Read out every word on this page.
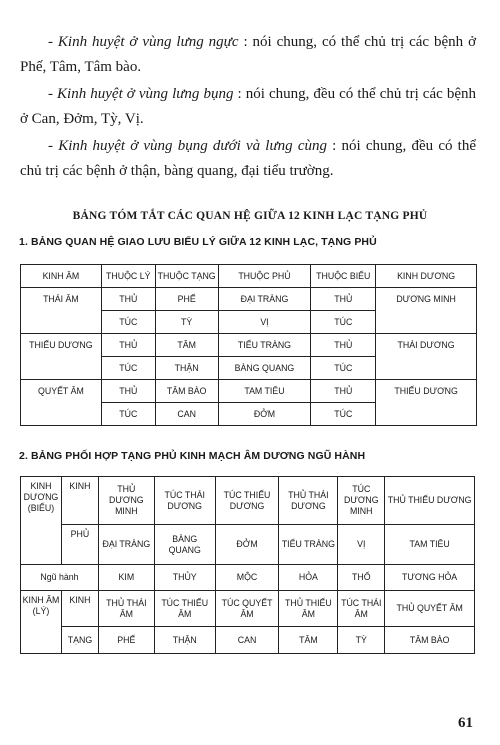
- Kinh huyệt ở vùng lưng ngực : nói chung, có thể chủ trị các bệnh ở Phế, Tâm, Tâm bào.
- Kinh huyệt ở vùng lưng bụng : nói chung, đều có thể chủ trị các bệnh ở Can, Đởm, Tỳ, Vị.
- Kinh huyệt ở vùng bụng dưới và lưng cùng : nói chung, đều có thể chủ trị các bệnh ở thận, bàng quang, đại tiểu trường.
BẢNG TÓM TẮT CÁC QUAN HỆ GIỮA 12 KINH LẠC TẠNG PHỦ
1. BẢNG QUAN HỆ GIAO LƯU BIỂU LÝ GIỮA 12 KINH LẠC, TẠNG PHỦ
KINH ÂM	THUỘC LÝ	THUỘC TẠNG	THUỘC PHỦ	THUỘC BIỂU	KINH DƯƠNG
THÁI ÂM	THỦ	PHẾ	ĐẠI TRÀNG	THỦ	DƯƠNG MINH
	TÚC	TỲ	VỊ	TÚC	
THIẾU DƯƠNG	THỦ	TÂM	TIỂU TRÀNG	THỦ	THÁI DƯƠNG
	TÚC	THẬN	BÀNG QUANG	TÚC	
QUYẾT ÂM	THỦ	TÂM BÀO	TAM TIÊU	THỦ	THIẾU DƯƠNG
	TÚC	CAN	ĐỞM	TÚC	
2. BẢNG PHỐI HỢP TẠNG PHỦ KINH MẠCH ÂM DƯƠNG NGŨ HÀNH
KINH DƯƠNG (BIỂU)	KINH	THỦ DƯƠNG MINH	TÚC THÁI DƯƠNG	TÚC THIẾU DƯƠNG	THỦ THÁI DƯƠNG	TÚC DƯƠNG MINH	THỦ THIẾU DƯƠNG
	PHỦ	ĐẠI TRÀNG	BÀNG QUANG	ĐỞM	TIỂU TRÀNG	VỊ	TAM TIÊU
Ngũ hành		KIM	THỦY	MỘC	HỎA	THỔ	TƯƠNG HỎA
KINH ÂM (LÝ)	KINH	THỦ THÁI ÂM	TÚC THIẾU ÂM	TÚC QUYẾT ÂM	THỦ THIẾU ÂM	TÚC THÁI ÂM	THỦ QUYẾT ÂM
	TẠNG	PHẾ	THẬN	CAN	TÂM	TỲ	TÂM BÀO
61
